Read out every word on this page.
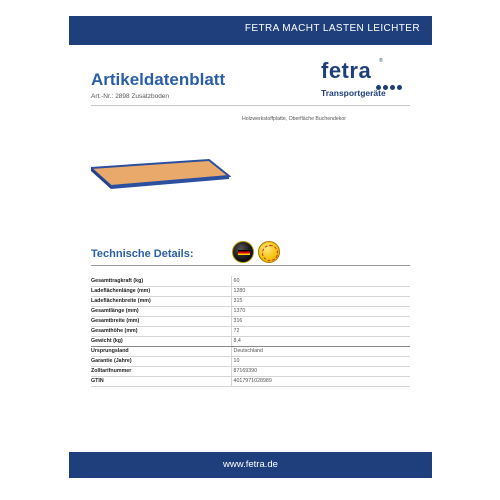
FETRA MACHT LASTEN LEICHTER
Artikeldatenblatt
Art.-Nr.: 2898 Zusatzboden
fetra ®
Transportgeräte
Holzwerkstoffplatte, Oberfläche Buchendekor
Technische Details:
Gesamttragkraft (kg)	60
Ladeflächenlänge (mm)	1280
Ladeflächenbreite (mm)	315
Gesamtlänge (mm)	1370
Gesamtbreite (mm)	316
Gesamthöhe (mm)	72
Gewicht (kg)	8,4
Ursprungsland	Deutschland
Garantie (Jahre)	10
Zolltarifnummer	87169390
GTIN	4017971028989
www.fetra.de
